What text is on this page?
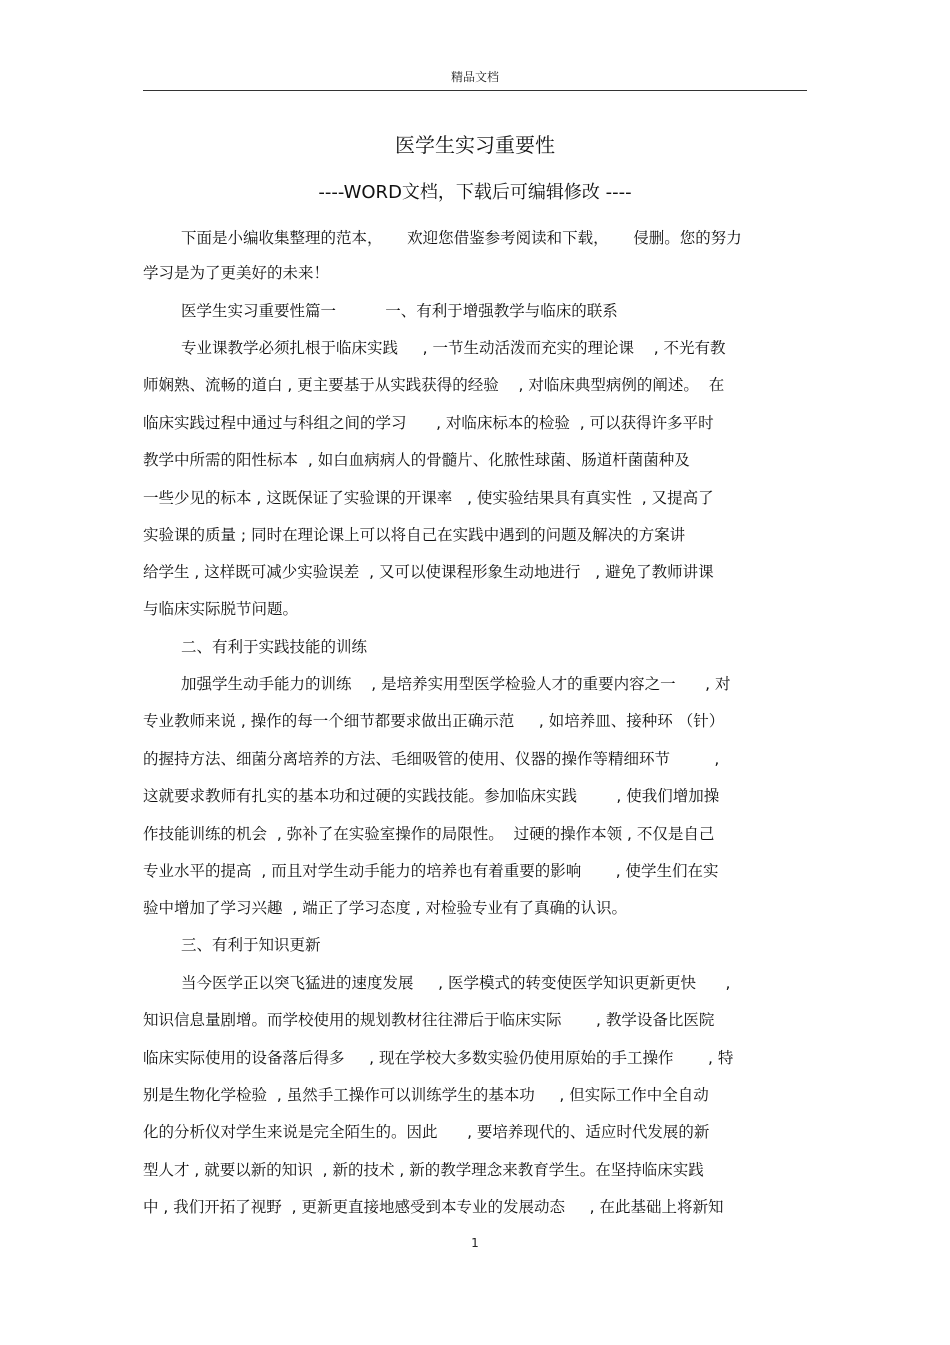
精品文档
医学生实习重要性
----WORD文档，下载后可编辑修改 ----
下面是小编收集整理的范本，     欢迎您借鉴参考阅读和下载，     侵删。您的努力
学习是为了更美好的未来！
医学生实习重要性篇一          一、有利于增强教学与临床的联系
专业课教学必须扎根于临床实践     , 一节生动活泼而充实的理论课    , 不光有教
师娴熟、流畅的道白 , 更主要基于从实践获得的经验    , 对临床典型病例的阐述。  在
临床实践过程中通过与科组之间的学习      , 对临床标本的检验  , 可以获得许多平时
教学中所需的阳性标本  , 如白血病病人的骨髓片、化脓性球菌、肠道杆菌菌种及
一些少见的标本 , 这既保证了实验课的开课率   , 使实验结果具有真实性  , 又提高了
实验课的质量 ; 同时在理论课上可以将自己在实践中遇到的问题及解决的方案讲
给学生 , 这样既可减少实验误差  , 又可以使课程形象生动地进行   , 避免了教师讲课
与临床实际脱节问题。
二、有利于实践技能的训练
加强学生动手能力的训练    , 是培养实用型医学检验人才的重要内容之一      , 对
专业教师来说 , 操作的每一个细节都要求做出正确示范     , 如培养皿、接种环 （针）
的握持方法、细菌分离培养的方法、毛细吸管的使用、仪器的操作等精细环节         ,
这就要求教师有扎实的基本功和过硬的实践技能。参加临床实践        , 使我们增加操
作技能训练的机会  , 弥补了在实验室操作的局限性。  过硬的操作本领 , 不仅是自己
专业水平的提高  , 而且对学生动手能力的培养也有着重要的影响       , 使学生们在实
验中增加了学习兴趣  , 端正了学习态度 , 对检验专业有了真确的认识。
三、有利于知识更新
当今医学正以突飞猛进的速度发展     , 医学模式的转变使医学知识更新更快      ,
知识信息量剧增。而学校使用的规划教材往往滞后于临床实际       , 教学设备比医院
临床实际使用的设备落后得多     , 现在学校大多数实验仍使用原始的手工操作       , 特
别是生物化学检验  , 虽然手工操作可以训练学生的基本功     , 但实际工作中全自动
化的分析仪对学生来说是完全陌生的。因此      , 要培养现代的、适应时代发展的新
型人才 , 就要以新的知识  , 新的技术 , 新的教学理念来教育学生。在坚持临床实践
中 , 我们开拓了视野  , 更新更直接地感受到本专业的发展动态     , 在此基础上将新知
1
